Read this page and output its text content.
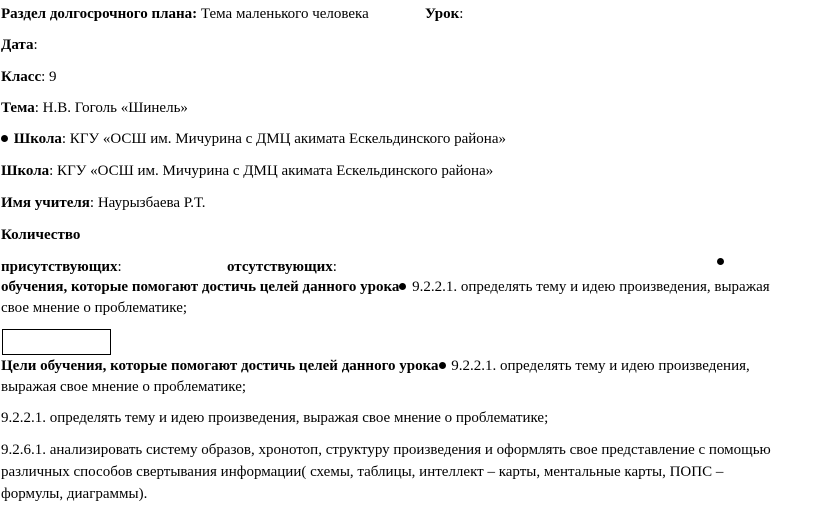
Раздел долгосрочного плана: Тема маленького человека	Урок:
Дата:
Класс: 9
Тема: Н.В. Гоголь «Шинель»
Школа: КГУ «ОСШ им. Мичурина с ДМЦ акимата Ескельдинского района»
Школа: КГУ «ОСШ им. Мичурина с ДМЦ акимата Ескельдинского района»
Имя учителя: Наурызбаева Р.Т.
Количество
присутствующих:	отсутствующих:
обучения, которые помогают достичь целей данного урока 9.2.2.1. определять тему и идею произведения, выражая
свое мнение о проблематике;
Цели обучения, которые помогают достичь целей данного урока 9.2.2.1. определять тему и идею произведения,
выражая свое мнение о проблематике;
9.2.2.1. определять тему и идею произведения, выражая свое мнение о проблематике;
9.2.6.1. анализировать систему образов, хронотоп, структуру произведения и оформлять свое представление с помощью
различных способов свертывания информации( схемы, таблицы, интеллект – карты, ментальные карты, ПОПС –
формулы, диаграммы).
